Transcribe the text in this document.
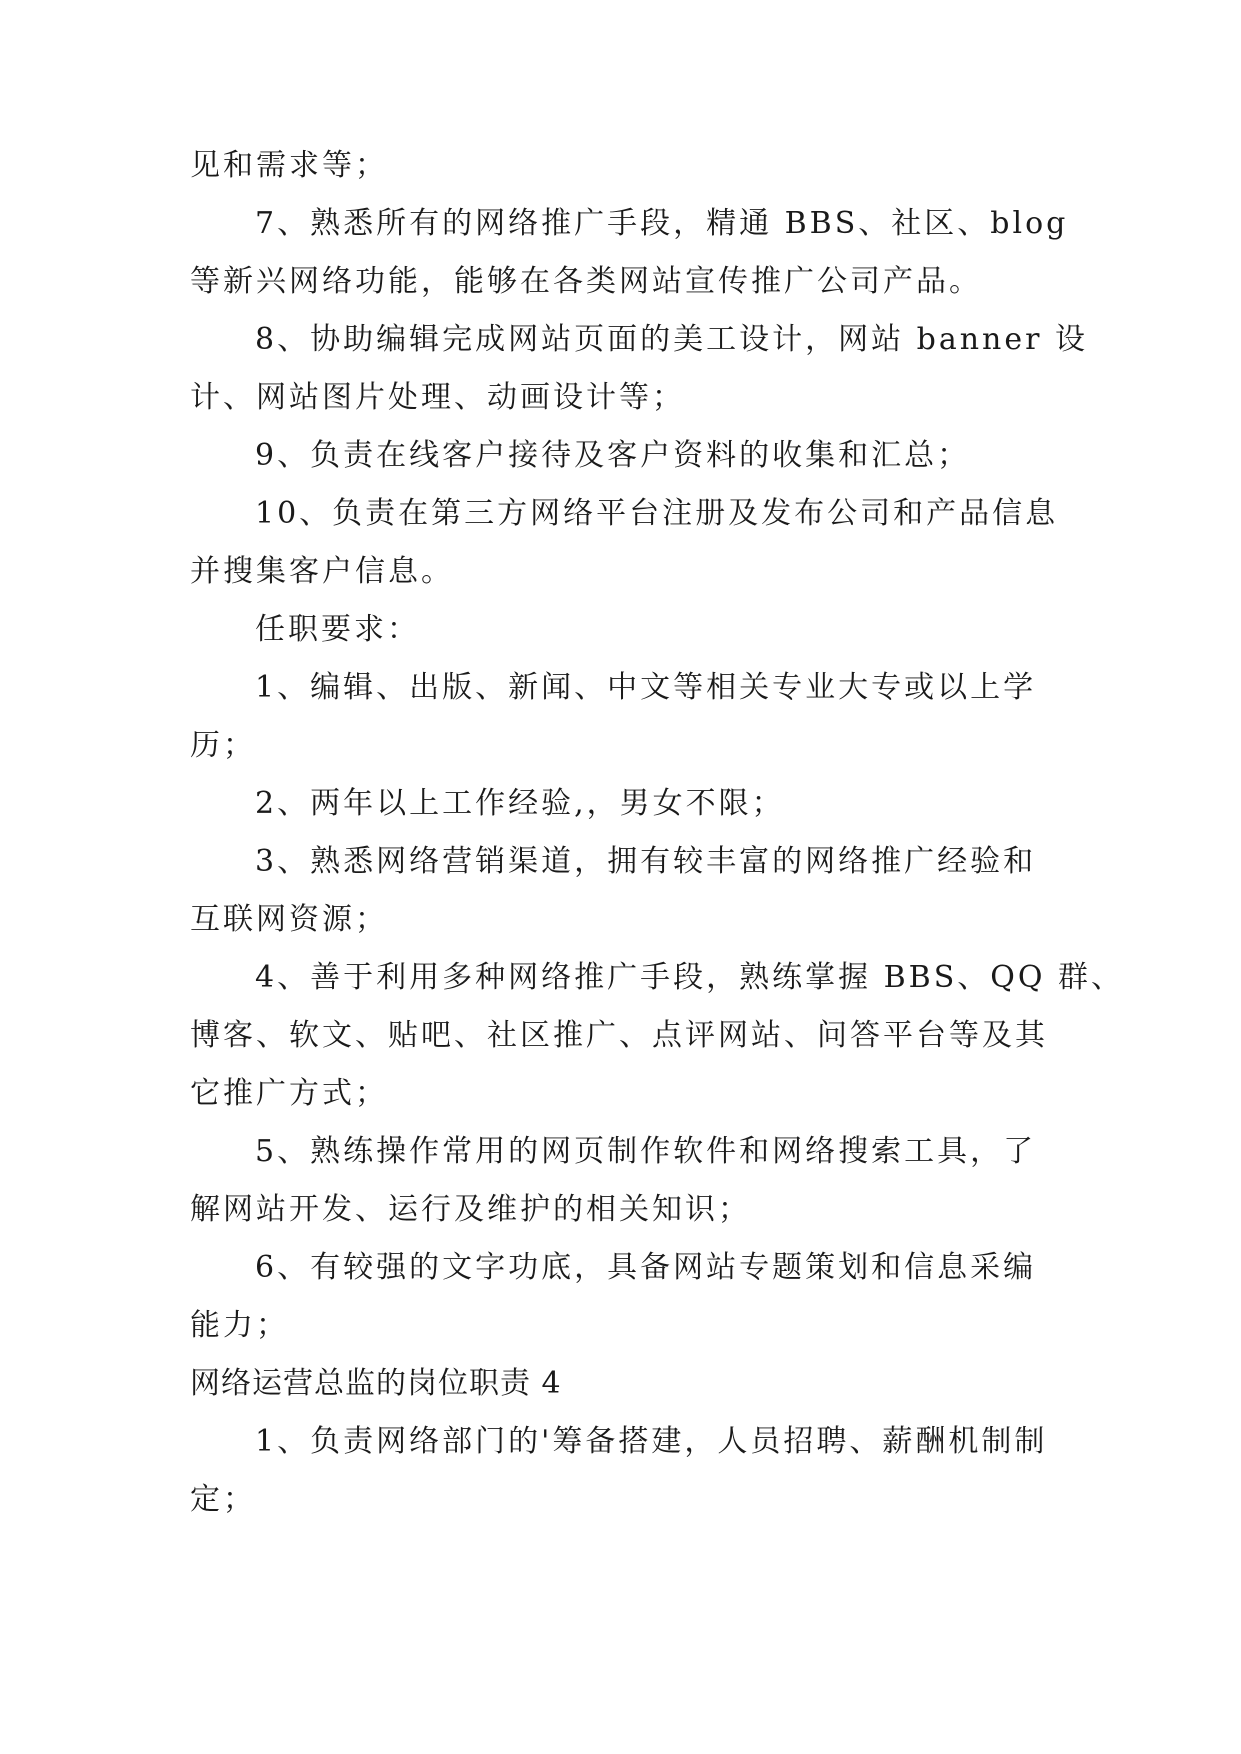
见和需求等；
7、熟悉所有的网络推广手段，精通 BBS、社区、blog
等新兴网络功能，能够在各类网站宣传推广公司产品。
8、协助编辑完成网站页面的美工设计，网站 banner 设
计、网站图片处理、动画设计等；
9、负责在线客户接待及客户资料的收集和汇总；
10、负责在第三方网络平台注册及发布公司和产品信息
并搜集客户信息。
任职要求：
1、编辑、出版、新闻、中文等相关专业大专或以上学
历；
2、两年以上工作经验,，男女不限；
3、熟悉网络营销渠道，拥有较丰富的网络推广经验和
互联网资源；
4、善于利用多种网络推广手段，熟练掌握 BBS、QQ 群、
博客、软文、贴吧、社区推广、点评网站、问答平台等及其
它推广方式；
5、熟练操作常用的网页制作软件和网络搜索工具，了
解网站开发、运行及维护的相关知识；
6、有较强的文字功底，具备网站专题策划和信息采编
能力；
网络运营总监的岗位职责 4
1、负责网络部门的'筹备搭建，人员招聘、薪酬机制制
定；
